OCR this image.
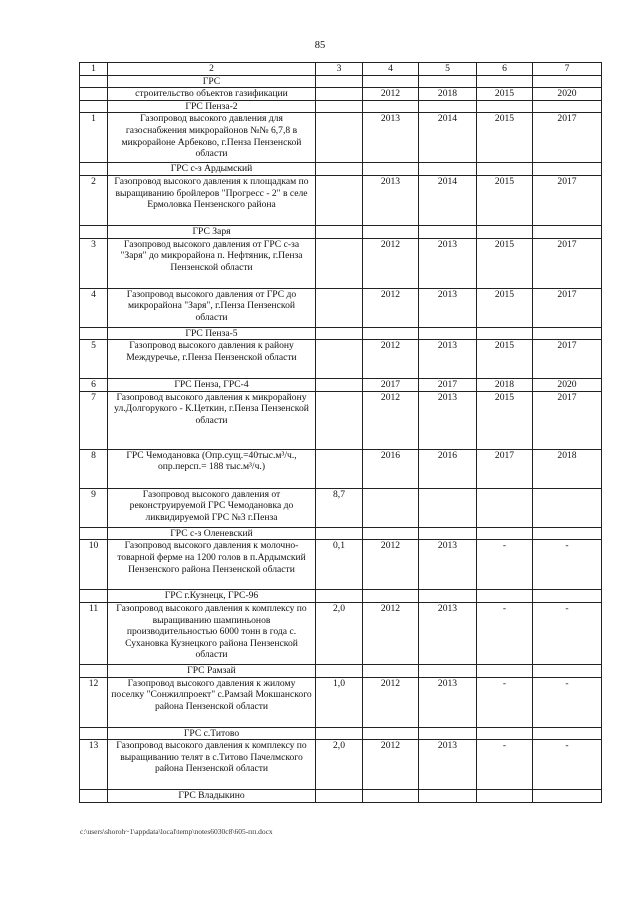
85
1	2	3	4	5	6	7
	ГРС					
	строительство объектов газификации		2012	2018	2015	2020
	ГРС Пенза-2					
1	Газопровод высокого давления для газоснабжения микрорайонов №№ 6,7,8 в микрорайоне Арбеково, г.Пенза Пензенской области		2013	2014	2015	2017
	ГРС с-з Ардымский					
2	Газопровод высокого давления к площадкам по выращиванию бройлеров "Прогресс - 2" в селе Ермоловка Пензенского района		2013	2014	2015	2017
	ГРС Заря					
3	Газопровод высокого давления от ГРС с-за "Заря" до микрорайона п. Нефтяник, г.Пенза Пензенской области		2012	2013	2015	2017
4	Газопровод высокого давления от ГРС до микрорайона "Заря", г.Пенза Пензенской области		2012	2013	2015	2017
	ГРС Пенза-5					
5	Газопровод высокого давления к району Междуречье, г.Пенза Пензенской области		2012	2013	2015	2017
6	ГРС Пенза, ГРС-4		2017	2017	2018	2020
7	Газопровод высокого давления к микрорайону ул.Долгорукого - К.Цеткин, г.Пенза Пензенской области		2012	2013	2015	2017
8	ГРС Чемодановка (Опр.сущ.=40тыс.м³/ч., опр.персп.= 188 тыс.м³/ч.)		2016	2016	2017	2018
9	Газопровод высокого давления от реконструируемой ГРС Чемодановка до ликвидируемой ГРС №3 г.Пенза	8,7				
	ГРС с-з Оленевский					
10	Газопровод высокого давления к молочно-товарной ферме на 1200 голов в п.Ардымский Пензенского района Пензенской области	0,1	2012	2013	-	-
	ГРС г.Кузнецк, ГРС-96					
11	Газопровод высокого давления к комплексу по выращиванию шампиньонов производительностью 6000 тонн в года с. Сухановка Кузнецкого района Пензенской области	2,0	2012	2013	-	-
	ГРС Рамзай					
12	Газопровод высокого давления к жилому поселку "Сонжилпроект" с.Рамзай Мокшанского района Пензенской области	1,0	2012	2013	-	-
	ГРС с.Титово					
13	Газопровод высокого давления к комплексу по выращиванию телят в с.Титово Пачелмского района Пензенской области	2,0	2012	2013	-	-
	ГРС Владыкино					
c:\users\shoroh~1\appdata\local\temp\notes6030c8\605-пп.docx
